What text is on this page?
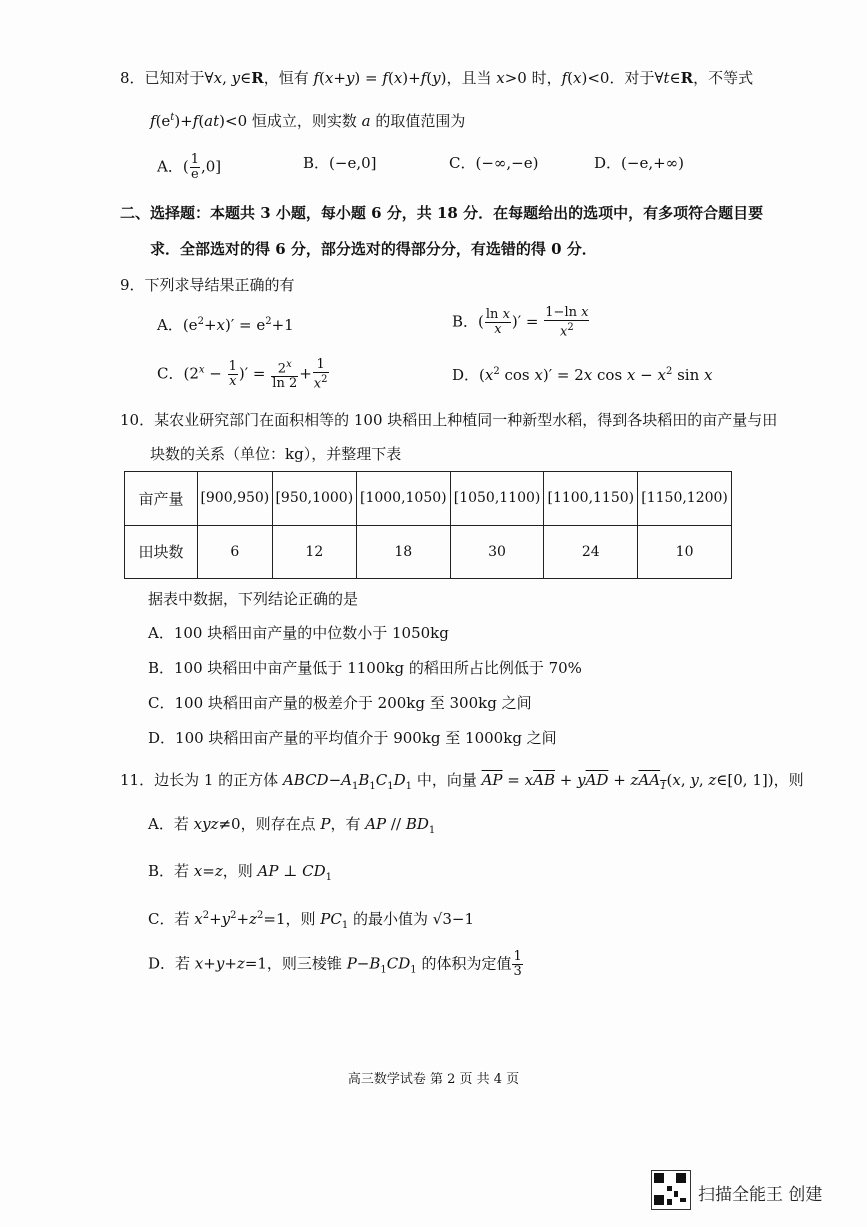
8．已知对于∀x, y∈R，恒有 f(x+y) = f(x)+f(y)，且当 x>0 时，f(x)<0．对于∀t∈R，不等式
$f(e^t)+f(at)<0$ 恒成立，则实数 a 的取值范围为
A．( $\frac{1}{e} ,0$]	B．(−e,0]	C．(−∞,−e)	D．(−e,+∞)
二、选择题：本题共 3 小题，每小题 6 分，共 18 分．在每题给出的选项中，有多项符合题目要
求．全部选对的得 6 分，部分选对的得部分分，有选错的得 0 分．
9．下列求导结果正确的有
A．$(e^2+x)' = e^2+1$	B．( $\frac{\text{ln x}}{x}$ )′ = $\frac{\text{1−ln x}}{x^2}$
C．($2^x - \frac{1}{x}$ )′ = $\frac{2^x}{\ln 2} + \frac{1}{x^2}$	D．($x^2$ cos x)′ = 2x $\cos x - x^2$ sin x
10．某农业研究部门在面积相等的 100 块稻田上种植同一种新型水稻，得到各块稻田的亩产量与田
块数的关系（单位：kg），并整理下表
亩产量	[900,950)	[950,1000)	[1000,1050)	[1050,1100)	[1100,1150)	[1150,1200)
田块数	6	12	18	30	24	10
据表中数据，下列结论正确的是
A．100 块稻田亩产量的中位数小于 1050kg
B．100 块稻田中亩产量低于 1100kg 的稻田所占比例低于 70%
C．100 块稻田亩产量的极差介于 200kg 至 300kg 之间
D．100 块稻田亩产量的平均值介于 900kg 至 1000kg 之间
11．边长为 1 的正方体 $ABCD-A_1B_1C_1D_1$ 中，向量 $\overline{AP} = x\overline{AB} + y\overline{AD} + zAA_1(x$, y, z∈[0, 1])，则
A．若 xyz≠0，则存在点 P，有 AP // $BD_1$
B．若 x=z，则 AP ⊥ $CD_1$
C．若 $x^2+y^2+z^2=1$，则 $PC_1$ 的最小值为 √3−1
D．若 x+y+z=1，则三棱锥 $P-B_1CD_1$ 的体积为定值 $\frac{1}{3}$
高三数学试卷 第 2 页 共 4 页
扫描全能王 创建
